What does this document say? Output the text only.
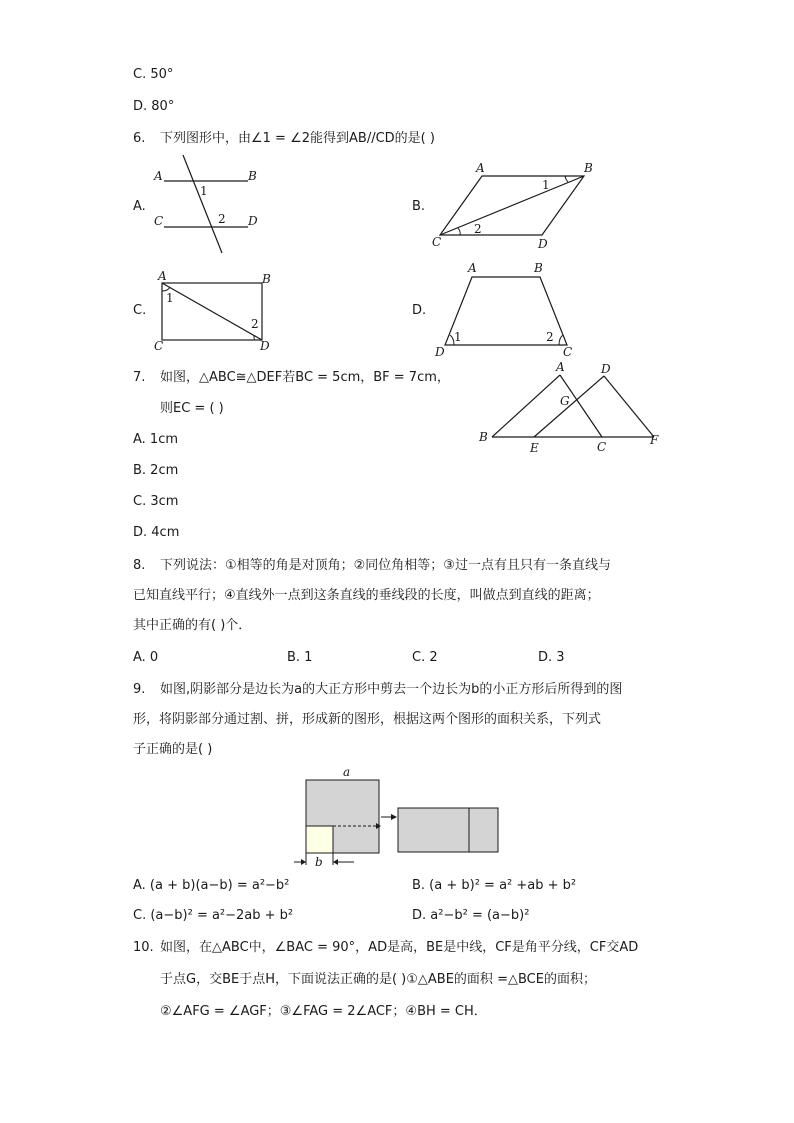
C. 50°
D. 80°
6. 下列图形中，由∠1 = ∠2能得到AB//CD的是( )
A.
A	B
C	D
1
2
B.
A	B
C	D
1
2
C.
A	B
C	D
1
2
D.
A	B
D	C
1	2
7. 如图，△ABC≅△DEF若BC = 5cm，BF = 7cm，
则EC = ( )
A. 1cm
B. 2cm
C. 3cm
D. 4cm
A	D
G
B
E	C	F
8. 下列说法：①相等的角是对顶角；②同位角相等；③过一点有且只有一条直线与
已知直线平行；④直线外一点到这条直线的垂线段的长度，叫做点到直线的距离；
其中正确的有( )个．
A. 0	B. 1	C. 2	D. 3
9. 如图,阴影部分是边长为a的大正方形中剪去一个边长为b的小正方形后所得到的图
形，将阴影部分通过割、拼，形成新的图形，根据这两个图形的面积关系，下列式
子正确的是( )
a
b
A. (a + b)(a−b) = a²−b²	B. (a + b)² = a² +ab + b²
C. (a−b)² = a²−2ab + b²	D. a²−b² = (a−b)²
10. 如图，在△ABC中，∠BAC = 90°，AD是高，BE是中线，CF是角平分线，CF交AD
于点G，交BE于点H，下面说法正确的是( )①△ABE的面积 =△BCE的面积；
②∠AFG = ∠AGF；③∠FAG = 2∠ACF；④BH = CH．
